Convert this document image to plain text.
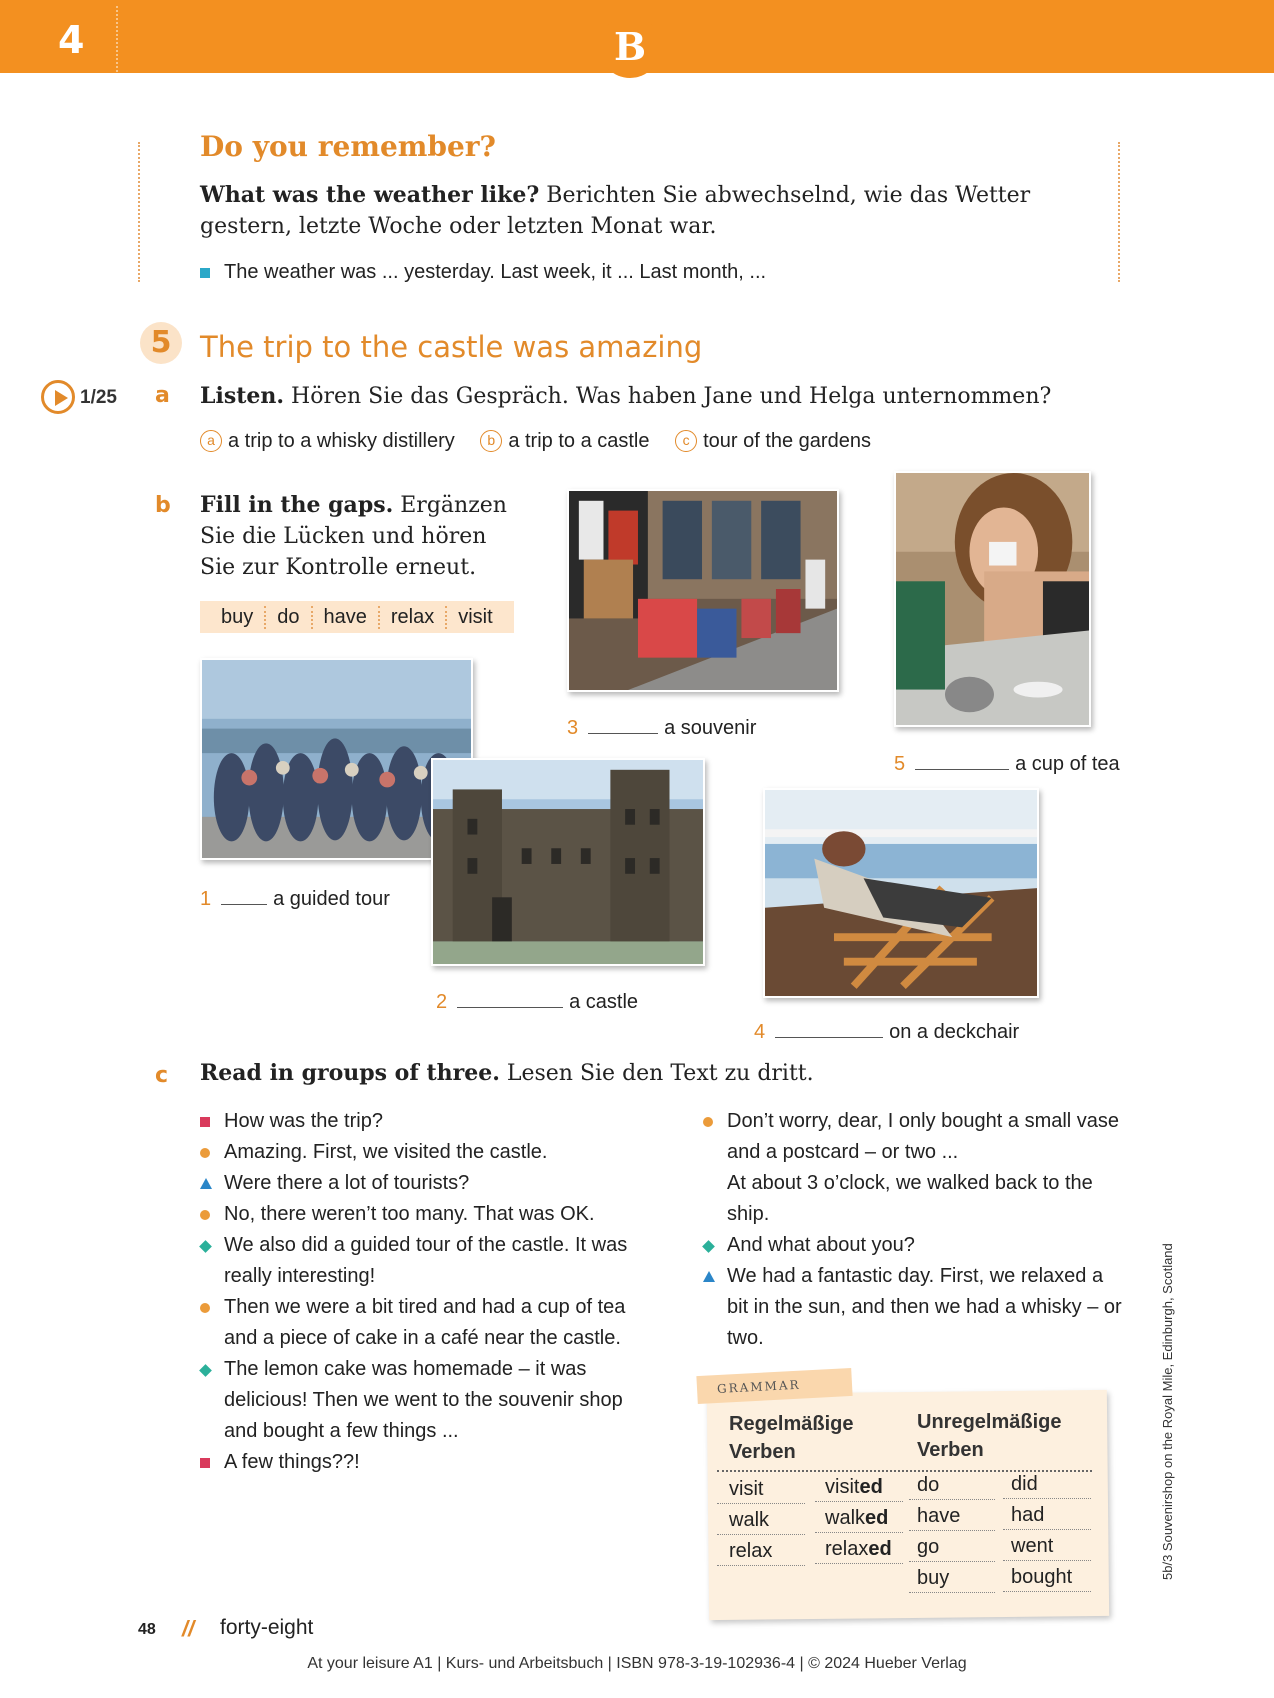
4	B
Do you remember?
What was the weather like? Berichten Sie abwechselnd, wie das Wetter gestern, letzte Woche oder letzten Monat war.
The weather was ... yesterday. Last week, it ... Last month, ...
5 The trip to the castle was amazing
1/25 a Listen. Hören Sie das Gespräch. Was haben Jane und Helga unternommen?
a a trip to a whisky distillery b a trip to a castle c tour of the gardens
b Fill in the gaps. Ergänzen Sie die Lücken und hören Sie zur Kontrolle erneut.
buy	do	have	relax	visit
3	a souvenir
5	a cup of tea
1	a guided tour
2	a castle
4	on a deckchair
c Read in groups of three. Lesen Sie den Text zu dritt.
How was the trip?
Amazing. First, we visited the castle.
Were there a lot of tourists?
No, there weren’t too many. That was OK.
We also did a guided tour of the castle. It was really interesting!
Then we were a bit tired and had a cup of tea and a piece of cake in a café near the castle.
The lemon cake was homemade – it was delicious! Then we went to the souvenir shop and bought a few things ...
A few things??!
Don’t worry, dear, I only bought a small vase and a postcard – or two ...
At about 3 o’clock, we walked back to the ship.
And what about you?
We had a fantastic day. First, we relaxed a bit in the sun, and then we had a whisky – or two.
GRAMMAR
Regelmäßige Verben
Unregelmäßige Verben
visit	visited
walk	walked
relax	relaxed
do	did
have	had
go	went
buy	bought
48 // forty-eight
At your leisure A1 | Kurs- und Arbeitsbuch | ISBN 978-3-19-102936-4 | © 2024 Hueber Verlag
5b/3 Souvenirshop on the Royal Mile, Edinburgh, Scotland
